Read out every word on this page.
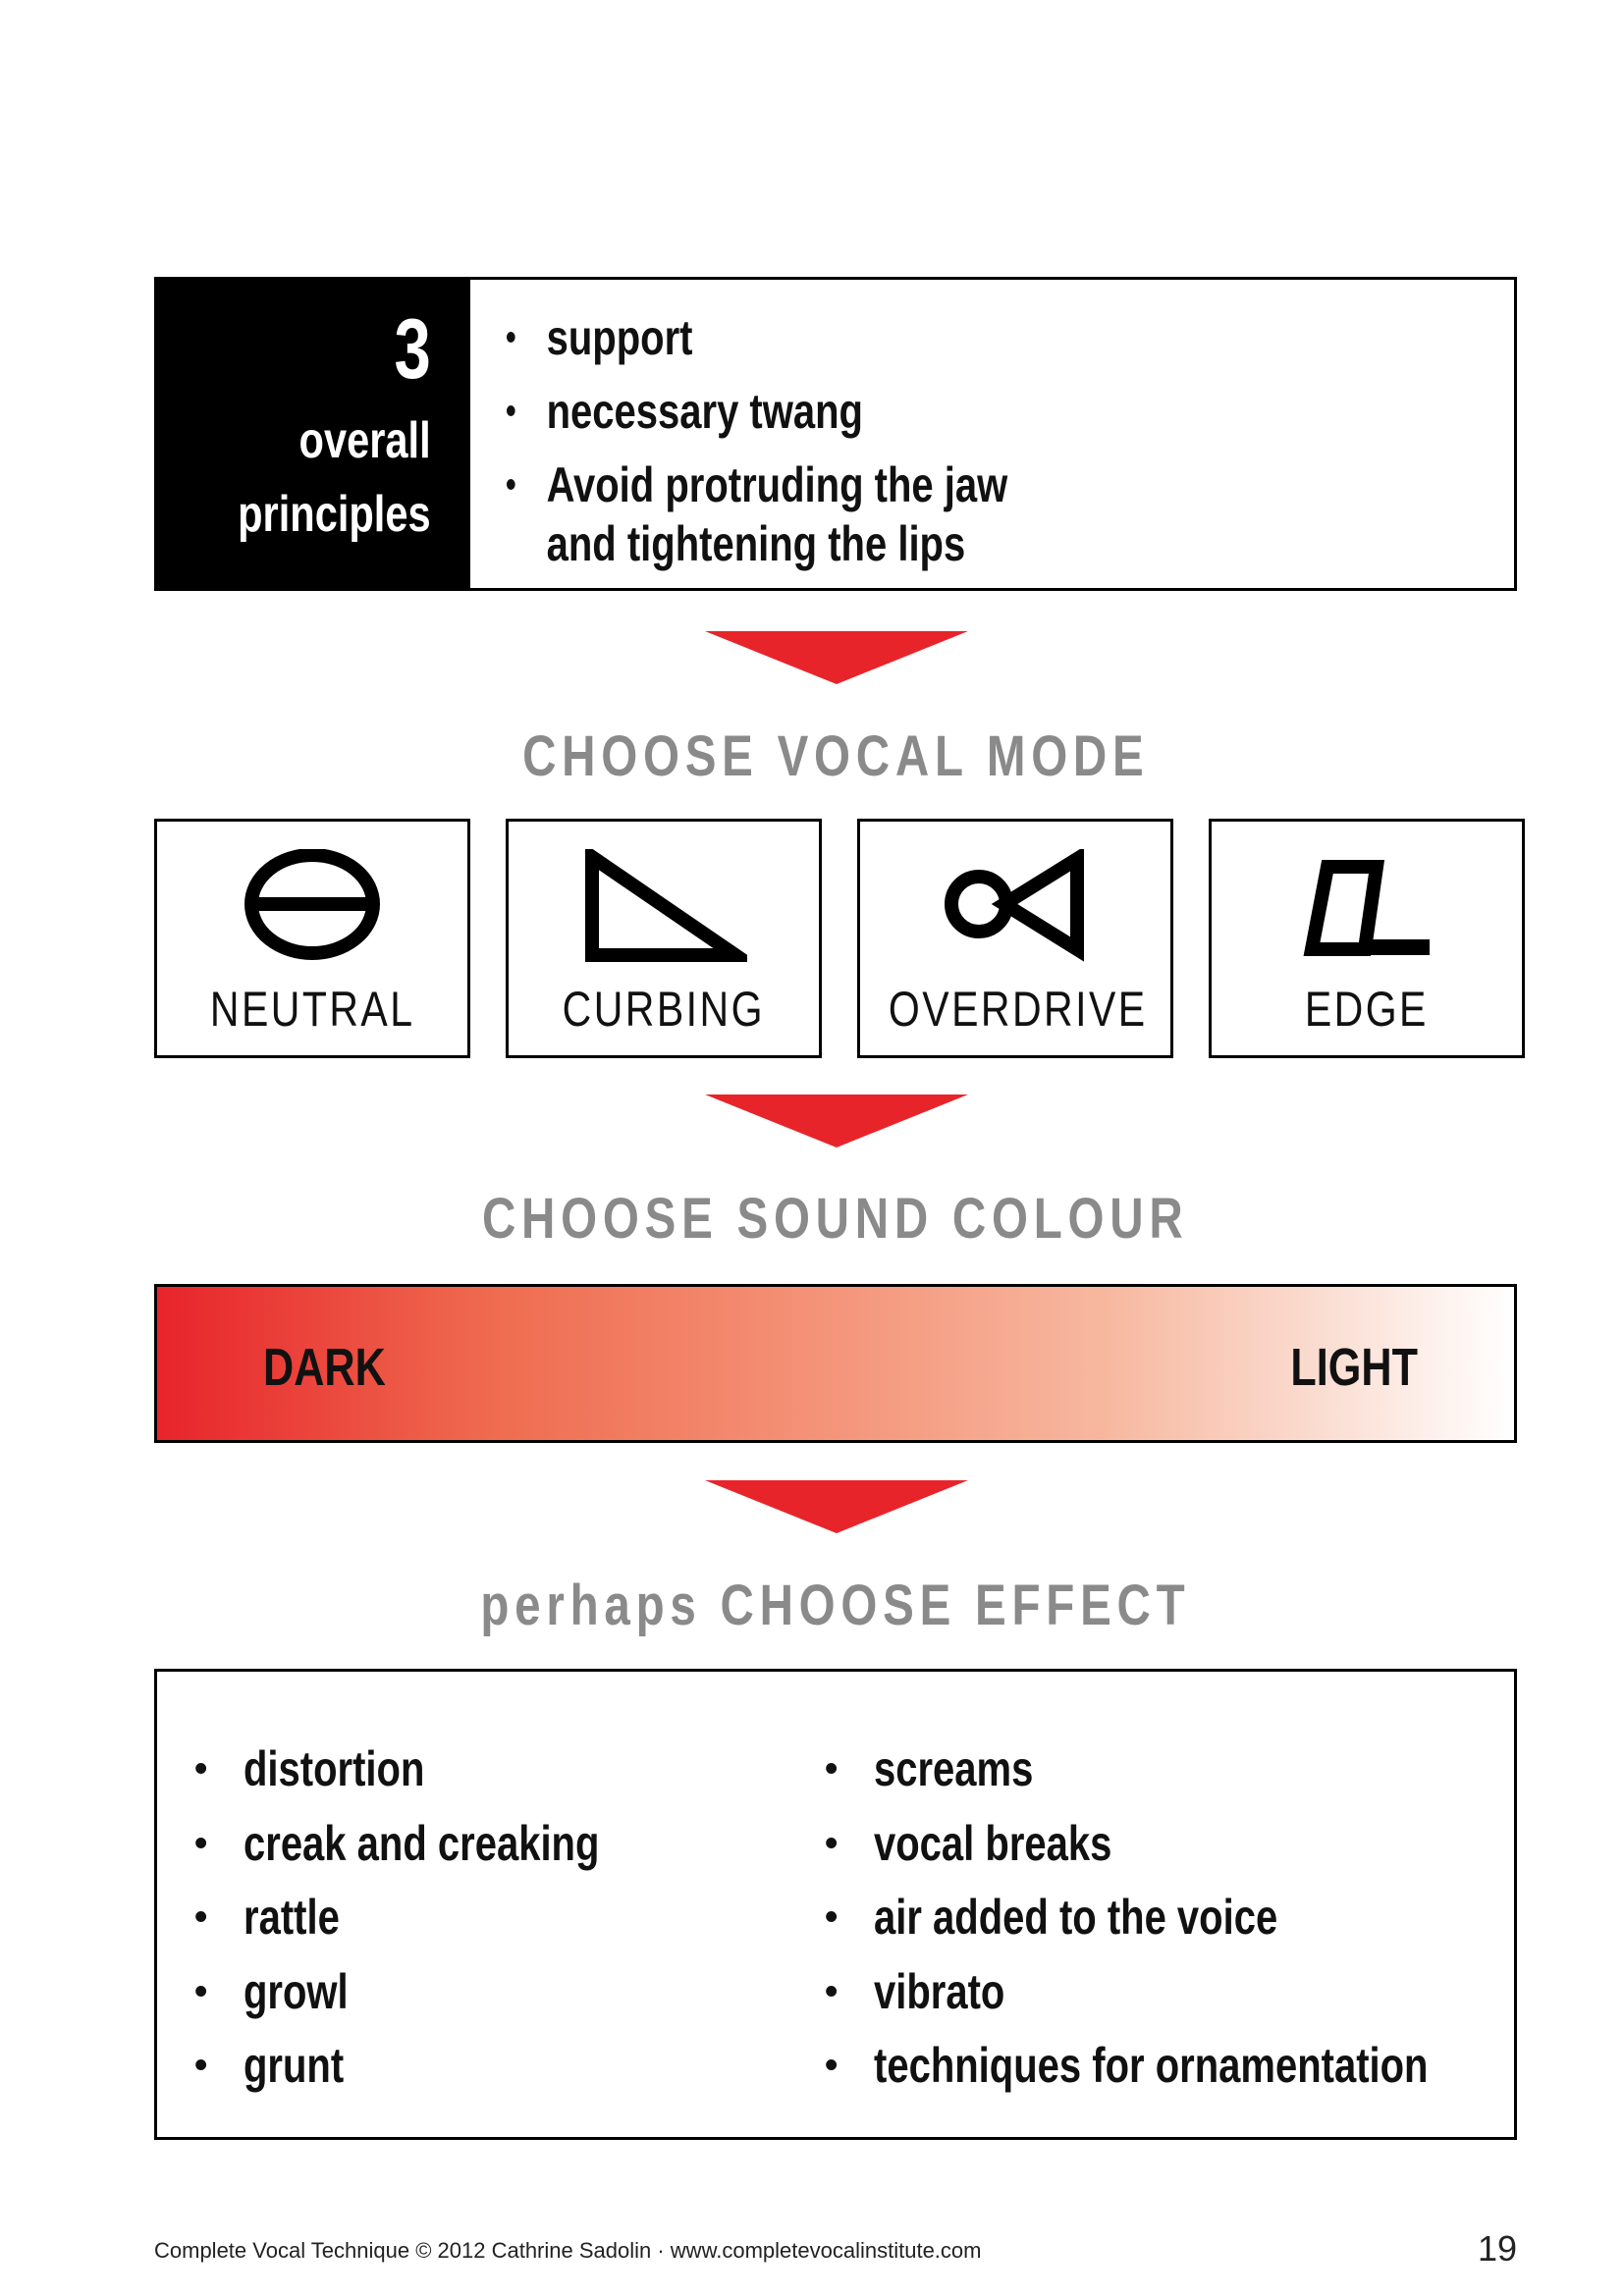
3
overall
principles
• support
• necessary twang
• Avoid protruding the jaw
and tightening the lips
CHOOSE VOCAL MODE
NEUTRAL	CURBING	OVERDRIVE	EDGE
CHOOSE SOUND COLOUR
DARK	LIGHT
perhaps CHOOSE EFFECT
• distortion
• creak and creaking
• rattle
• growl
• grunt
• screams
• vocal breaks
• air added to the voice
• vibrato
• techniques for ornamentation
Complete Vocal Technique © 2012 Cathrine Sadolin · www.completevocalinstitute.com	19
